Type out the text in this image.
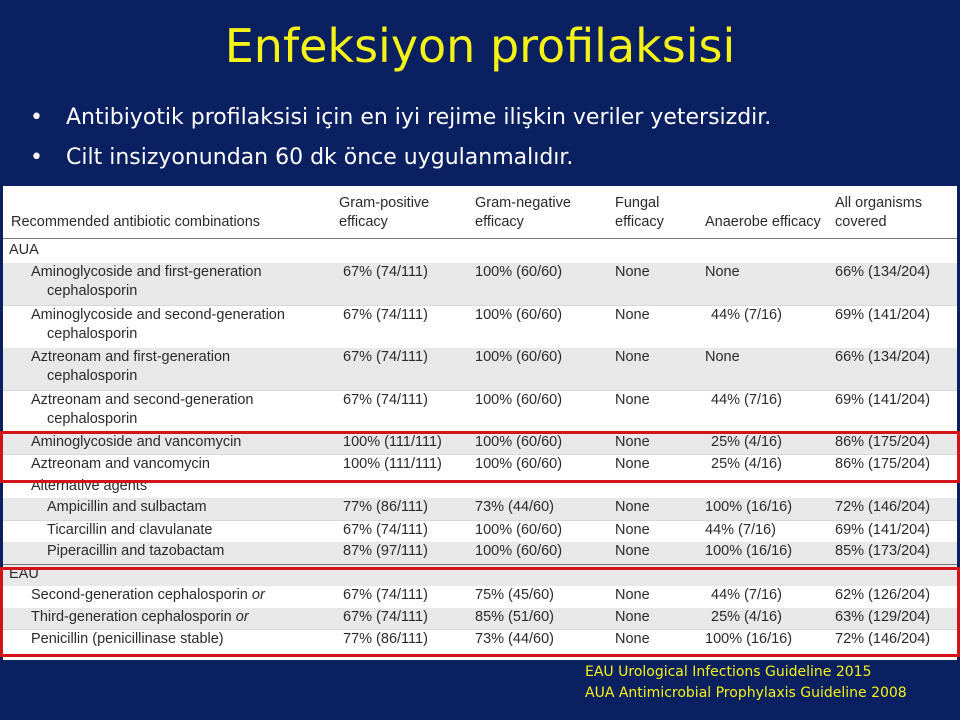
Enfeksiyon profilaksisi
•	Antibiyotik profilaksisi için en iyi rejime ilişkin veriler yetersizdir.
•	Cilt insizyonundan 60 dk önce uygulanmalıdır.
Recommended antibiotic combinations	Gram-positive efficacy	Gram-negative efficacy	Fungal efficacy	Anaerobe efficacy	All organisms covered
AUA					
Aminoglycoside and first-generation
cephalosporin	67% (74/111)	100% (60/60)	None	None	66% (134/204)
Aminoglycoside and second-generation
cephalosporin	67% (74/111)	100% (60/60)	None	44% (7/16)	69% (141/204)
Aztreonam and first-generation
cephalosporin	67% (74/111)	100% (60/60)	None	None	66% (134/204)
Aztreonam and second-generation
cephalosporin	67% (74/111)	100% (60/60)	None	44% (7/16)	69% (141/204)
Aminoglycoside and vancomycin	100% (111/111)	100% (60/60)	None	25% (4/16)	86% (175/204)
Aztreonam and vancomycin	100% (111/111)	100% (60/60)	None	25% (4/16)	86% (175/204)
Alternative agents					
Ampicillin and sulbactam	77% (86/111)	73% (44/60)	None	100% (16/16)	72% (146/204)
Ticarcillin and clavulanate	67% (74/111)	100% (60/60)	None	44% (7/16)	69% (141/204)
Piperacillin and tazobactam	87% (97/111)	100% (60/60)	None	100% (16/16)	85% (173/204)
EAU					
Second-generation cephalosporin or	67% (74/111)	75% (45/60)	None	44% (7/16)	62% (126/204)
Third-generation cephalosporin or	67% (74/111)	85% (51/60)	None	25% (4/16)	63% (129/204)
Penicillin (penicillinase stable)	77% (86/111)	73% (44/60)	None	100% (16/16)	72% (146/204)
EAU Urological Infections Guideline 2015
AUA Antimicrobial Prophylaxis Guideline 2008
